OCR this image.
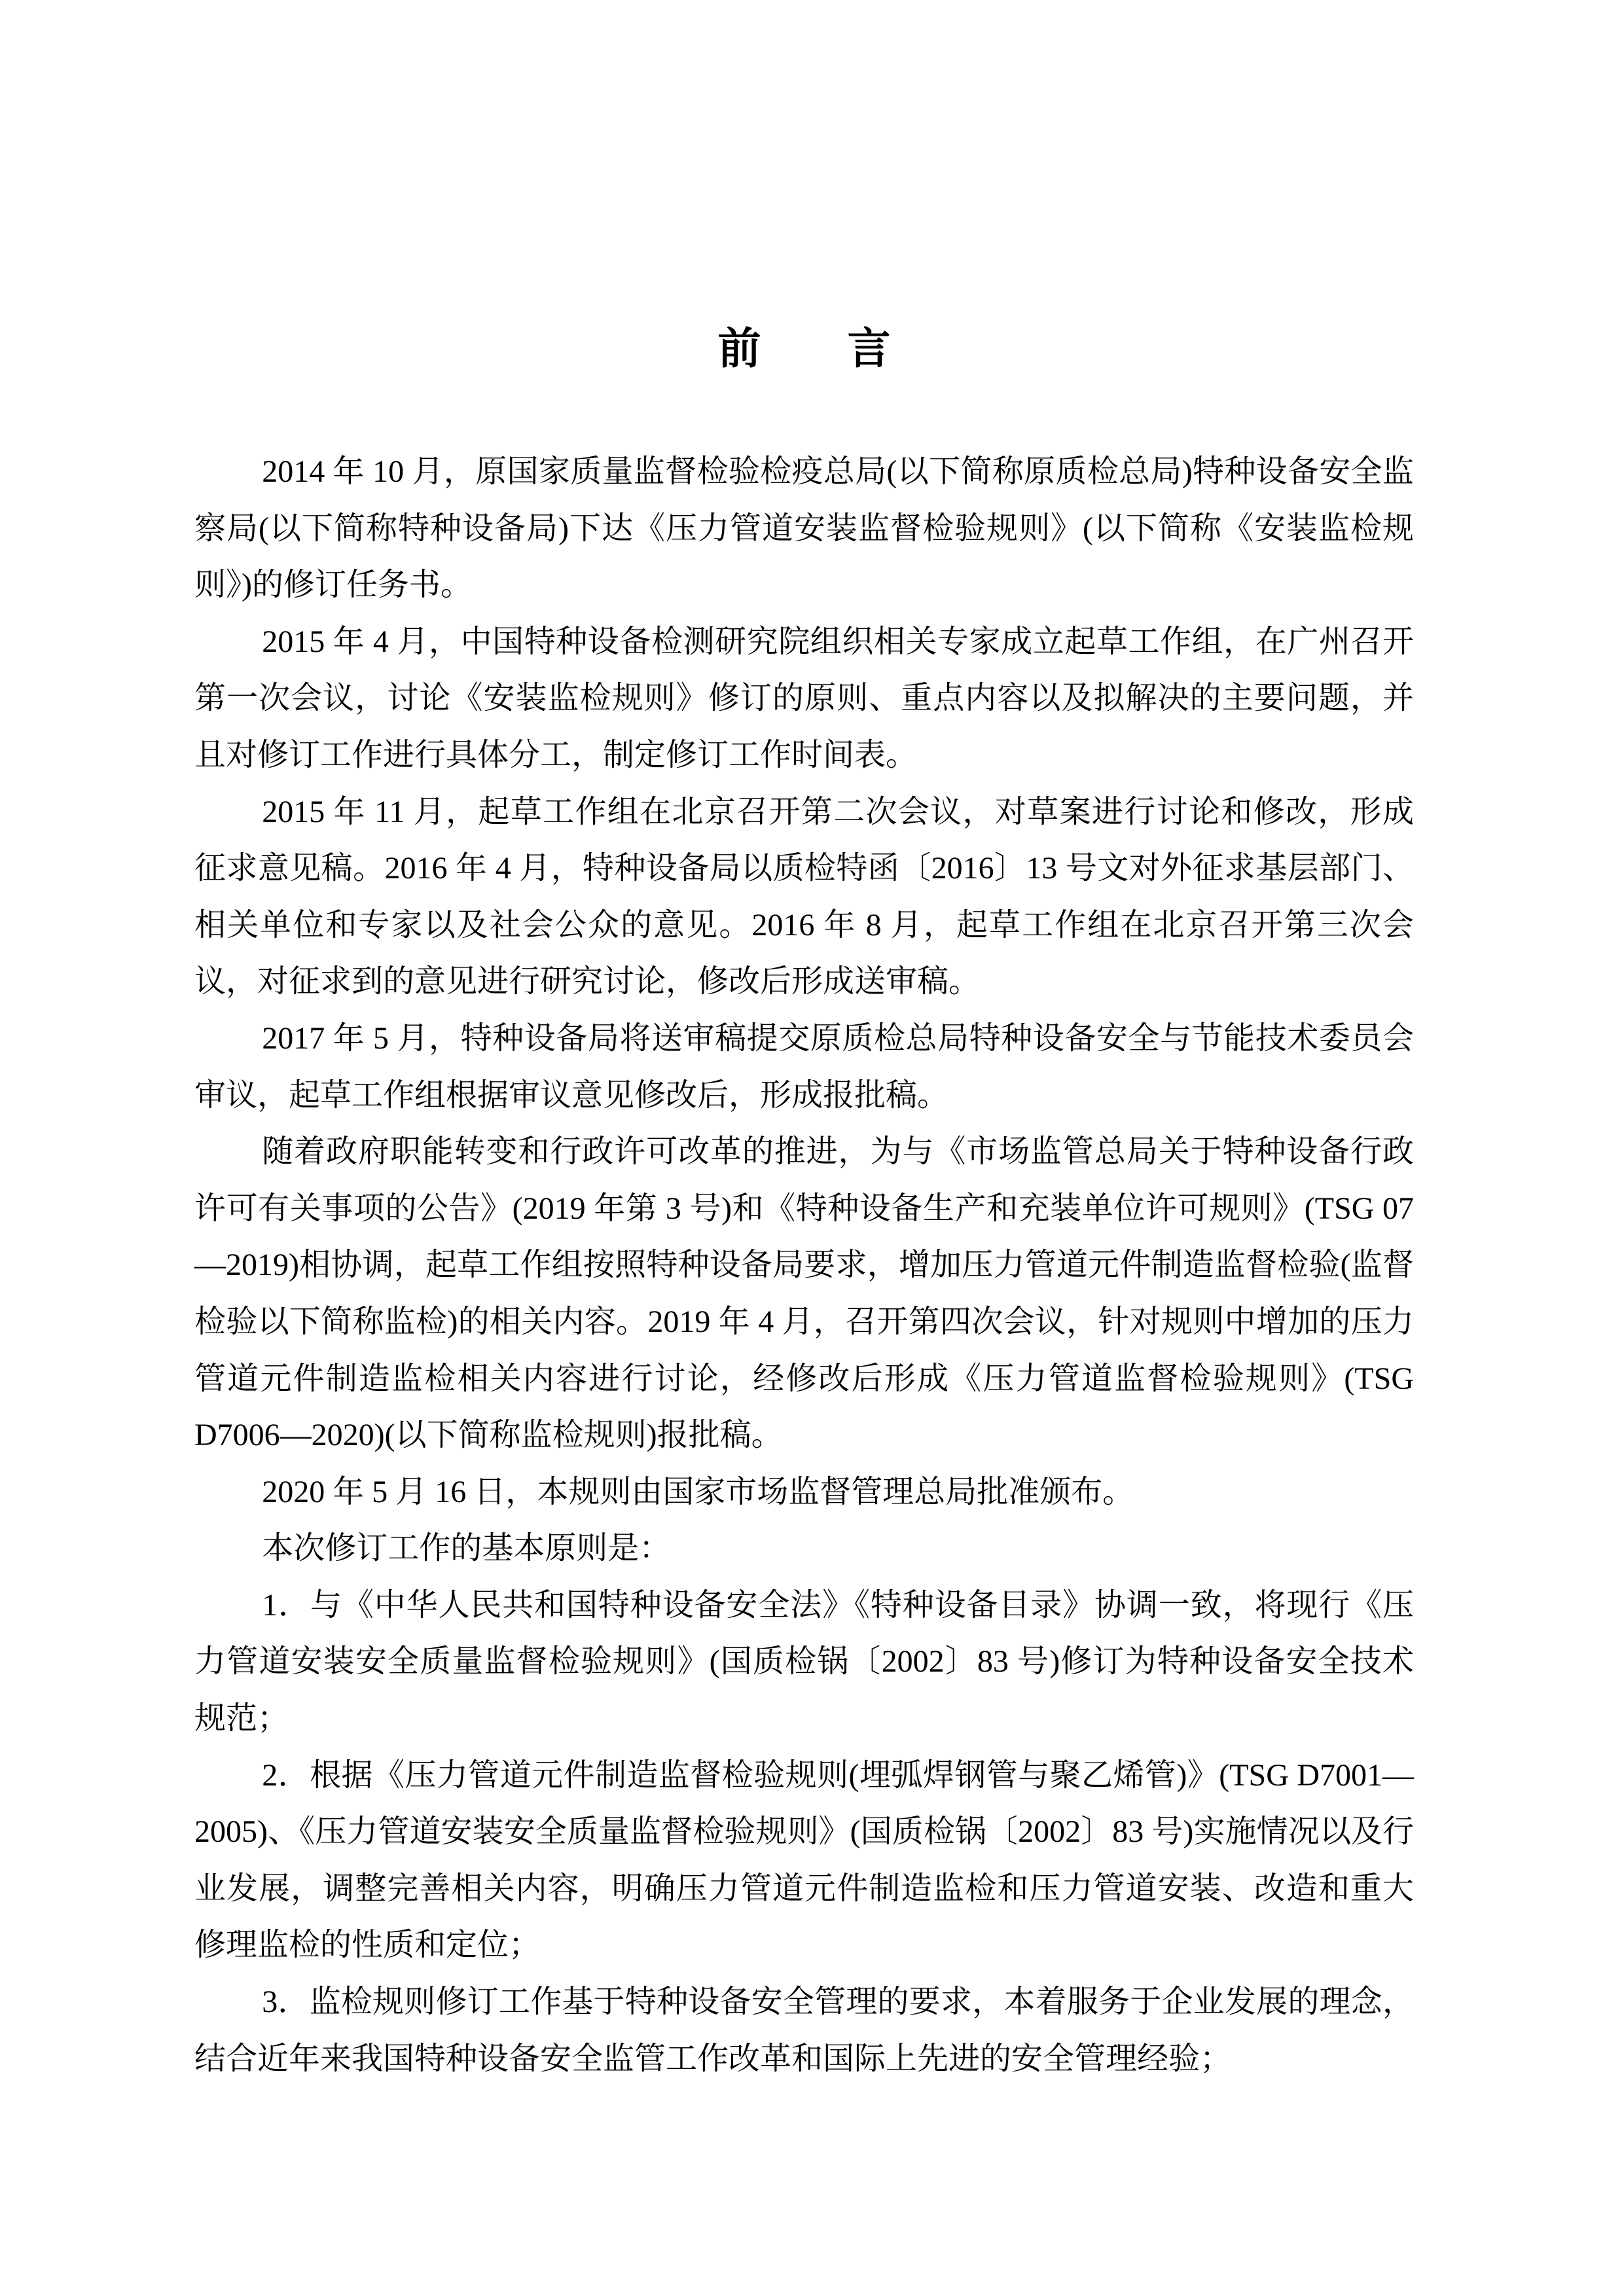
前　　言

2014 年 10 月，原国家质量监督检验检疫总局(以下简称原质检总局)特种设备安全监察局(以下简称特种设备局)下达《压力管道安装监督检验规则》(以下简称《安装监检规则》)的修订任务书。

2015 年 4 月，中国特种设备检测研究院组织相关专家成立起草工作组，在广州召开第一次会议，讨论《安装监检规则》修订的原则、重点内容以及拟解决的主要问题，并且对修订工作进行具体分工，制定修订工作时间表。

2015 年 11 月，起草工作组在北京召开第二次会议，对草案进行讨论和修改，形成征求意见稿。2016 年 4 月，特种设备局以质检特函〔2016〕13 号文对外征求基层部门、相关单位和专家以及社会公众的意见。2016 年 8 月，起草工作组在北京召开第三次会议，对征求到的意见进行研究讨论，修改后形成送审稿。

2017 年 5 月，特种设备局将送审稿提交原质检总局特种设备安全与节能技术委员会审议，起草工作组根据审议意见修改后，形成报批稿。

随着政府职能转变和行政许可改革的推进，为与《市场监管总局关于特种设备行政许可有关事项的公告》(2019 年第 3 号)和《特种设备生产和充装单位许可规则》(TSG 07—2019)相协调，起草工作组按照特种设备局要求，增加压力管道元件制造监督检验(监督检验以下简称监检)的相关内容。2019 年 4 月，召开第四次会议，针对规则中增加的压力管道元件制造监检相关内容进行讨论，经修改后形成《压力管道监督检验规则》(TSG D7006—2020)(以下简称监检规则)报批稿。

2020 年 5 月 16 日，本规则由国家市场监督管理总局批准颁布。

本次修订工作的基本原则是：

1．与《中华人民共和国特种设备安全法》《特种设备目录》协调一致，将现行《压力管道安装安全质量监督检验规则》(国质检锅〔2002〕83 号)修订为特种设备安全技术规范；

2．根据《压力管道元件制造监督检验规则(埋弧焊钢管与聚乙烯管)》(TSG D7001—2005)、《压力管道安装安全质量监督检验规则》(国质检锅〔2002〕83 号)实施情况以及行业发展，调整完善相关内容，明确压力管道元件制造监检和压力管道安装、改造和重大修理监检的性质和定位；

3．监检规则修订工作基于特种设备安全管理的要求，本着服务于企业发展的理念，结合近年来我国特种设备安全监管工作改革和国际上先进的安全管理经验；
